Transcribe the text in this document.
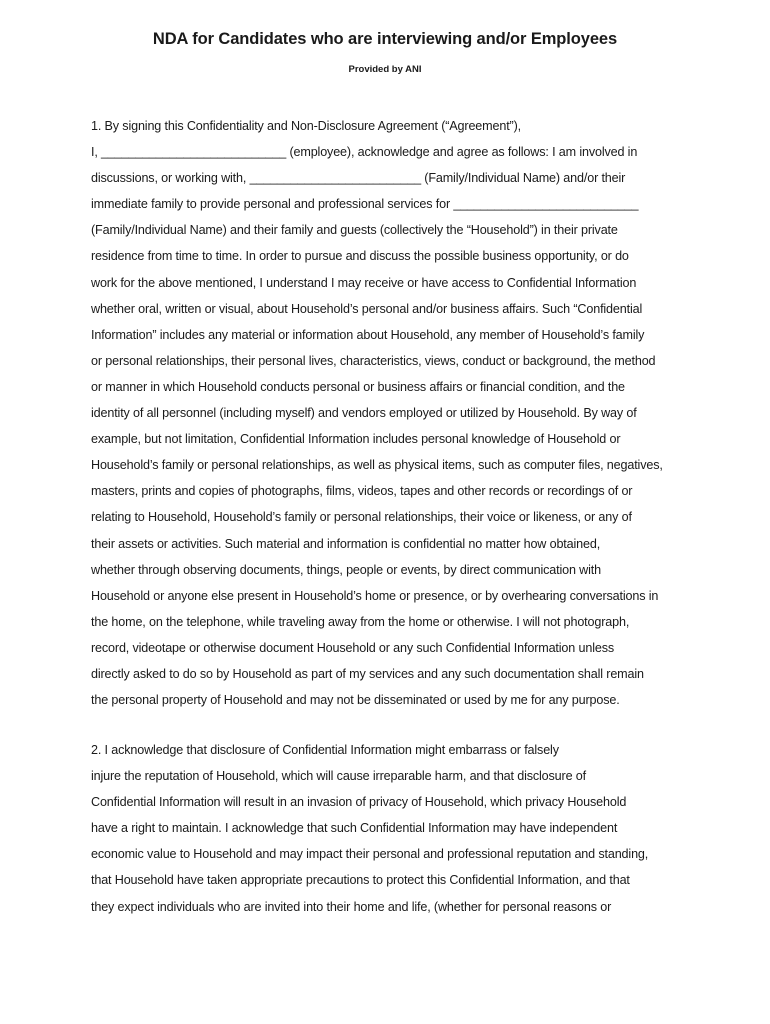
NDA for Candidates who are interviewing and/or Employees
Provided by ANI
1. By signing this Confidentiality and Non-Disclosure Agreement (“Agreement”),
I, ___________________________ (employee), acknowledge and agree as follows: I am involved in
discussions, or working with, _________________________ (Family/Individual Name) and/or their
immediate family to provide personal and professional services for ___________________________
(Family/Individual Name) and their family and guests (collectively the “Household”) in their private
residence from time to time. In order to pursue and discuss the possible business opportunity, or do
work for the above mentioned, I understand I may receive or have access to Confidential Information
whether oral, written or visual, about Household’s personal and/or business affairs. Such “Confidential
Information” includes any material or information about Household, any member of Household’s family
or personal relationships, their personal lives, characteristics, views, conduct or background, the method
or manner in which Household conducts personal or business affairs or financial condition, and the
identity of all personnel (including myself) and vendors employed or utilized by Household. By way of
example, but not limitation, Confidential Information includes personal knowledge of Household or
Household’s family or personal relationships, as well as physical items, such as computer files, negatives,
masters, prints and copies of photographs, films, videos, tapes and other records or recordings of or
relating to Household, Household’s family or personal relationships, their voice or likeness, or any of
their assets or activities. Such material and information is confidential no matter how obtained,
whether through observing documents, things, people or events, by direct communication with
Household or anyone else present in Household’s home or presence, or by overhearing conversations in
the home, on the telephone, while traveling away from the home or otherwise. I will not photograph,
record, videotape or otherwise document Household or any such Confidential Information unless
directly asked to do so by Household as part of my services and any such documentation shall remain
the personal property of Household and may not be disseminated or used by me for any purpose.
2. I acknowledge that disclosure of Confidential Information might embarrass or falsely
injure the reputation of Household, which will cause irreparable harm, and that disclosure of
Confidential Information will result in an invasion of privacy of Household, which privacy Household
have a right to maintain. I acknowledge that such Confidential Information may have independent
economic value to Household and may impact their personal and professional reputation and standing,
that Household have taken appropriate precautions to protect this Confidential Information, and that
they expect individuals who are invited into their home and life, (whether for personal reasons or
